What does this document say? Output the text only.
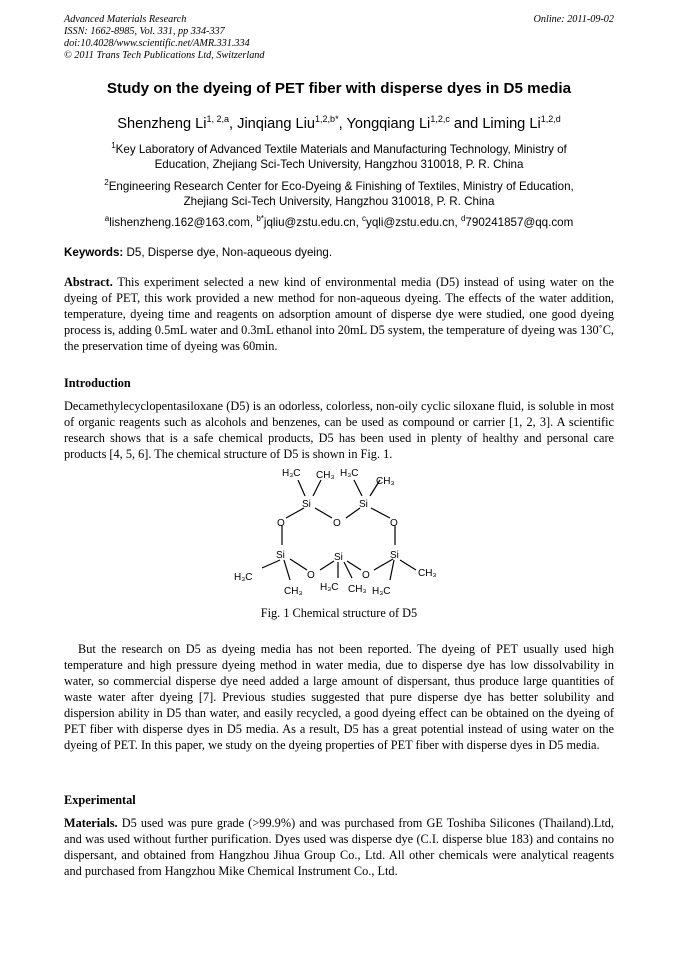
Advanced Materials Research
ISSN: 1662-8985, Vol. 331, pp 334-337
doi:10.4028/www.scientific.net/AMR.331.334
© 2011 Trans Tech Publications Ltd, Switzerland
Online: 2011-09-02
Study on the dyeing of PET fiber with disperse dyes in D5 media
Shenzheng Li$^{1, 2,a}$, Jinqiang Liu$^{1,2,b*}$, Yongqiang Li$^{1,2,c}$ and Liming Li$^{1,2,d}$
$^1$Key Laboratory of Advanced Textile Materials and Manufacturing Technology, Ministry of
Education, Zhejiang Sci-Tech University, Hangzhou 310018, P. R. China
$^2$Engineering Research Center for Eco-Dyeing & Finishing of Textiles, Ministry of Education,
Zhejiang Sci-Tech University, Hangzhou 310018, P. R. China
$^a$lishenzheng.162@163.com, $^{b*}$jqliu@zstu.edu.cn, $^c$yqli@zstu.edu.cn, $^d$790241857@qq.com
Keywords: D5, Disperse dye, Non-aqueous dyeing.
Abstract. This experiment selected a new kind of environmental media (D5) instead of using water on the dyeing of PET, this work provided a new method for non-aqueous dyeing. The effects of the water addition, temperature, dyeing time and reagents on adsorption amount of disperse dye were studied, one good dyeing process is, adding 0.5mL water and 0.3mL ethanol into 20mL D5 system, the temperature of dyeing was 130˚C, the preservation time of dyeing was 60min.
Introduction
Decamethylecyclopentasiloxane (D5) is an odorless, colorless, non-oily cyclic siloxane fluid, is soluble in most of organic reagents such as alcohols and benzenes, can be used as compound or carrier [1, 2, 3]. A scientific research shows that is a safe chemical products, D5 has been used in plenty of healthy and personal care products [4, 5, 6]. The chemical structure of D5 is shown in Fig. 1.
Si	Si
Si	Si	Si
O	O	O
O	O
H₃C CH₃ H₃C
CH₃
H₃C
CH₃ H₃C CH₃ H₃C
CH₃
Fig. 1 Chemical structure of D5
But the research on D5 as dyeing media has not been reported. The dyeing of PET usually used high temperature and high pressure dyeing method in water media, due to disperse dye has low dissolvability in water, so commercial disperse dye need added a large amount of dispersant, thus produce large quantities of waste water after dyeing [7]. Previous studies suggested that pure disperse dye has better solubility and dispersion ability in D5 than water, and easily recycled, a good dyeing effect can be obtained on the dyeing of PET fiber with disperse dyes in D5 media. As a result, D5 has a great potential instead of using water on the dyeing of PET. In this paper, we study on the dyeing properties of PET fiber with disperse dyes in D5 media.
Experimental
Materials. D5 used was pure grade (>99.9%) and was purchased from GE Toshiba Silicones (Thailand).Ltd, and was used without further purification. Dyes used was disperse dye (C.I. disperse blue 183) and contains no dispersant, and obtained from Hangzhou Jihua Group Co., Ltd. All other chemicals were analytical reagents and purchased from Hangzhou Mike Chemical Instrument Co., Ltd.
